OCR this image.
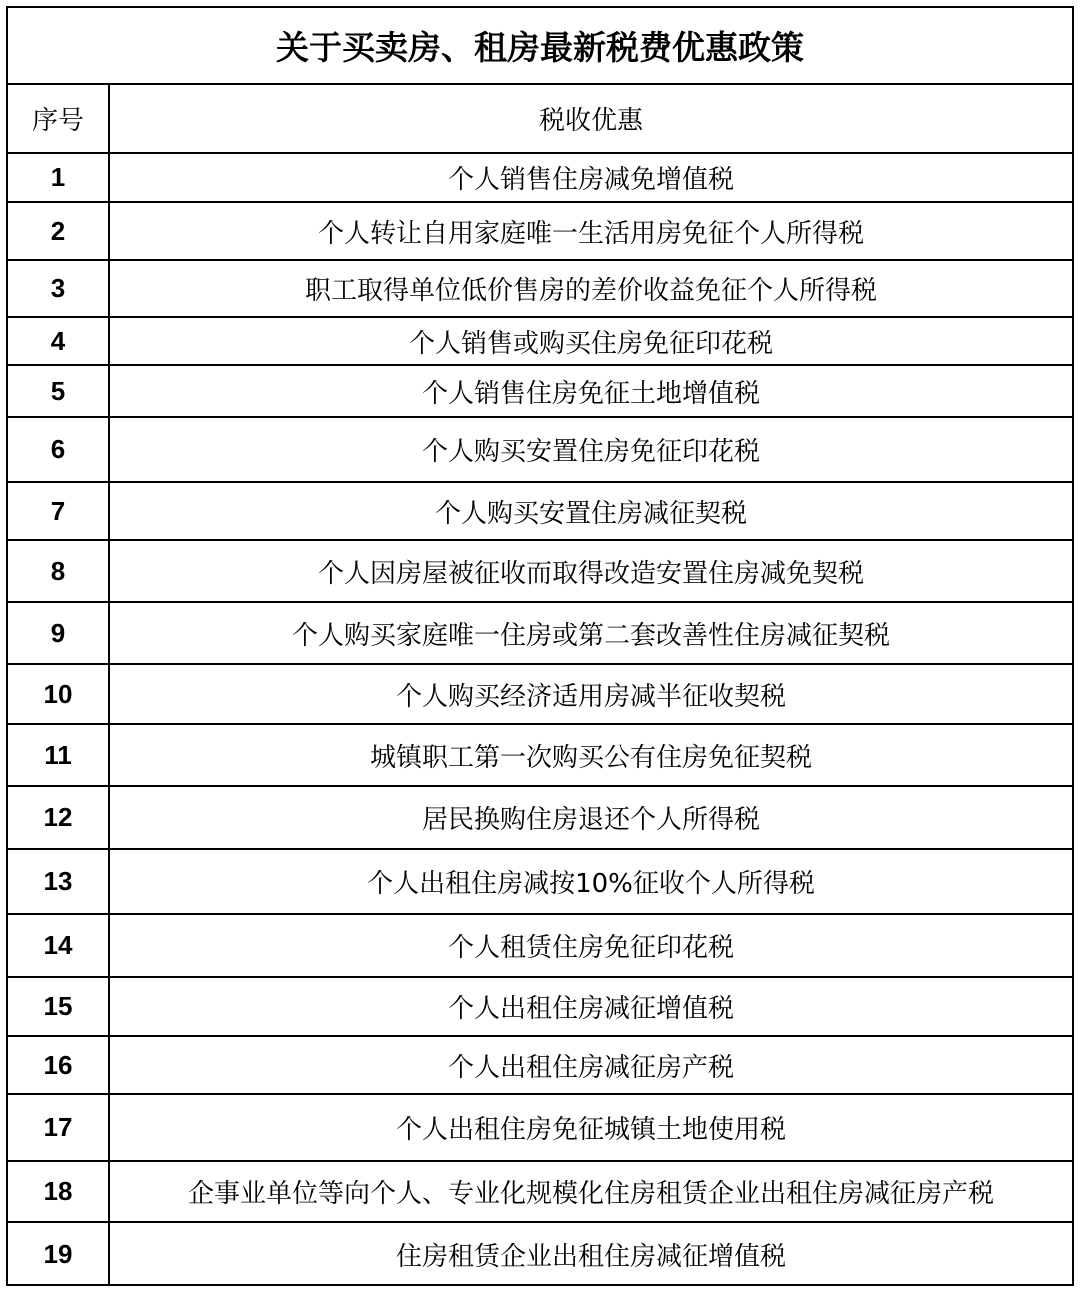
关于买卖房、租房最新税费优惠政策
序号	税收优惠
1	个人销售住房减免增值税
2	个人转让自用家庭唯一生活用房免征个人所得税
3	职工取得单位低价售房的差价收益免征个人所得税
4	个人销售或购买住房免征印花税
5	个人销售住房免征土地增值税
6	个人购买安置住房免征印花税
7	个人购买安置住房减征契税
8	个人因房屋被征收而取得改造安置住房减免契税
9	个人购买家庭唯一住房或第二套改善性住房减征契税
10	个人购买经济适用房减半征收契税
11	城镇职工第一次购买公有住房免征契税
12	居民换购住房退还个人所得税
13	个人出租住房减按10%征收个人所得税
14	个人租赁住房免征印花税
15	个人出租住房减征增值税
16	个人出租住房减征房产税
17	个人出租住房免征城镇土地使用税
18	企事业单位等向个人、专业化规模化住房租赁企业出租住房减征房产税
19	住房租赁企业出租住房减征增值税
